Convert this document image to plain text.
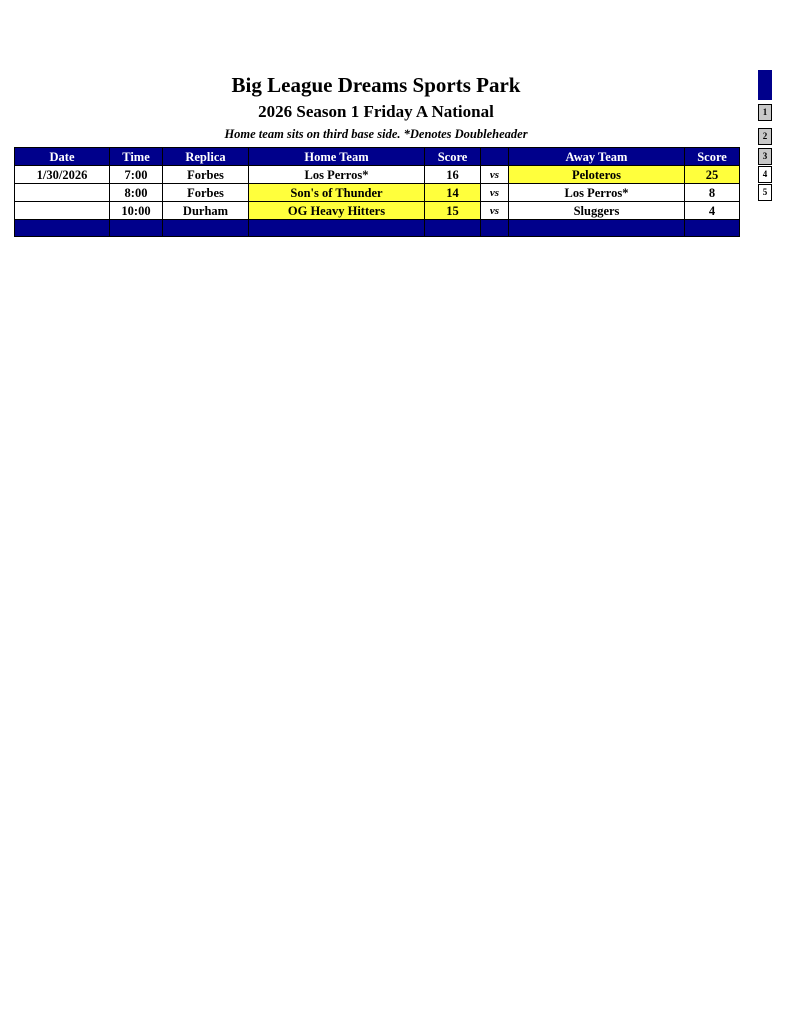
Big League Dreams Sports Park
2026 Season 1 Friday A National
Home team sits on third base side. *Denotes Doubleheader
Date	Time	Replica	Home Team	Score		Away Team	Score
1/30/2026	7:00	Forbes	Los Perros*	16	vs	Peloteros	25
	8:00	Forbes	Son's of Thunder	14	vs	Los Perros*	8
	10:00	Durham	OG Heavy Hitters	15	vs	Sluggers	4

1
2
3
4
5
